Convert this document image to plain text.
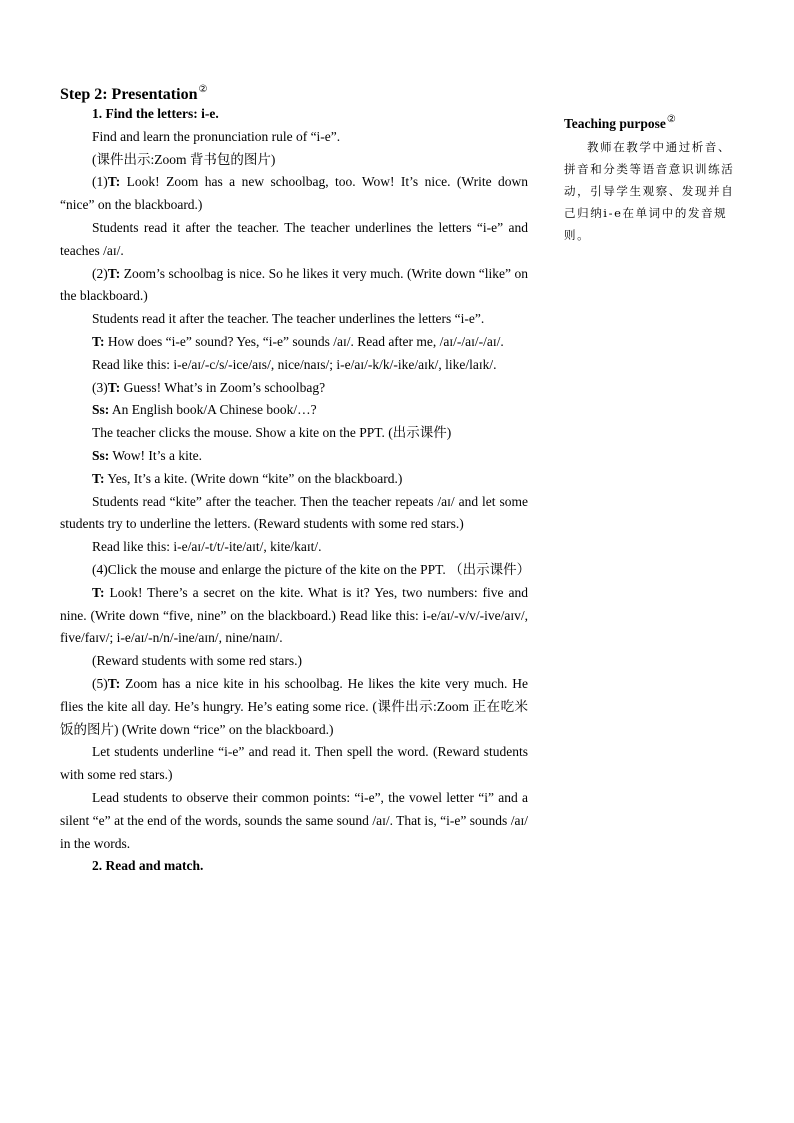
Step 2: Presentation②

1. Find the letters: i-e.

Find and learn the pronunciation rule of “i-e”.

(课件出示:Zoom 背书包的图片)

(1)T: Look! Zoom has a new schoolbag, too. Wow! It’s nice. (Write down “nice” on the blackboard.)

Students read it after the teacher. The teacher underlines the letters “i-e” and teaches /aɪ/.

(2)T: Zoom’s schoolbag is nice. So he likes it very much. (Write down “like” on the blackboard.)

Students read it after the teacher. The teacher underlines the letters “i-e”.

T: How does “i-e” sound? Yes, “i-e” sounds /aɪ/. Read after me, /aɪ/-/aɪ/-/aɪ/.

Read like this: i-e/aɪ/-c/s/-ice/aɪs/, nice/naɪs/; i-e/aɪ/-k/k/-ike/aɪk/, like/laɪk/.

(3)T: Guess! What’s in Zoom’s schoolbag?

Ss: An English book/A Chinese book/…?

The teacher clicks the mouse. Show a kite on the PPT. (出示课件)

Ss: Wow! It’s a kite.

T: Yes, It’s a kite. (Write down “kite” on the blackboard.)

Students read “kite” after the teacher. Then the teacher repeats /aɪ/ and let some students try to underline the letters. (Reward students with some red stars.)

Read like this: i-e/aɪ/-t/t/-ite/aɪt/, kite/kaɪt/.

(4)Click the mouse and enlarge the picture of the kite on the PPT. （出示课件）

T: Look! There’s a secret on the kite. What is it? Yes, two numbers: five and nine. (Write down “five, nine” on the blackboard.) Read like this: i-e/aɪ/-v/v/-ive/aɪv/, five/faɪv/; i-e/aɪ/-n/n/-ine/aɪn/, nine/naɪn/.

(Reward students with some red stars.)

(5)T: Zoom has a nice kite in his schoolbag. He likes the kite very much. He flies the kite all day. He’s hungry. He’s eating some rice. (课件出示:Zoom 正在吃米饭的图片) (Write down “rice” on the blackboard.)

Let students underline “i-e” and read it. Then spell the word. (Reward students with some red stars.)

Lead students to observe their common points: “i-e”, the vowel letter “i” and a silent “e” at the end of the words, sounds the same sound /aɪ/. That is, “i-e” sounds /aɪ/ in the words.

2. Read and match.

Teaching purpose②
教师在教学中通过析音、拼音和分类等语音意识训练活动，引导学生观察、发现并自己归纳i-e在单词中的发音规则。
